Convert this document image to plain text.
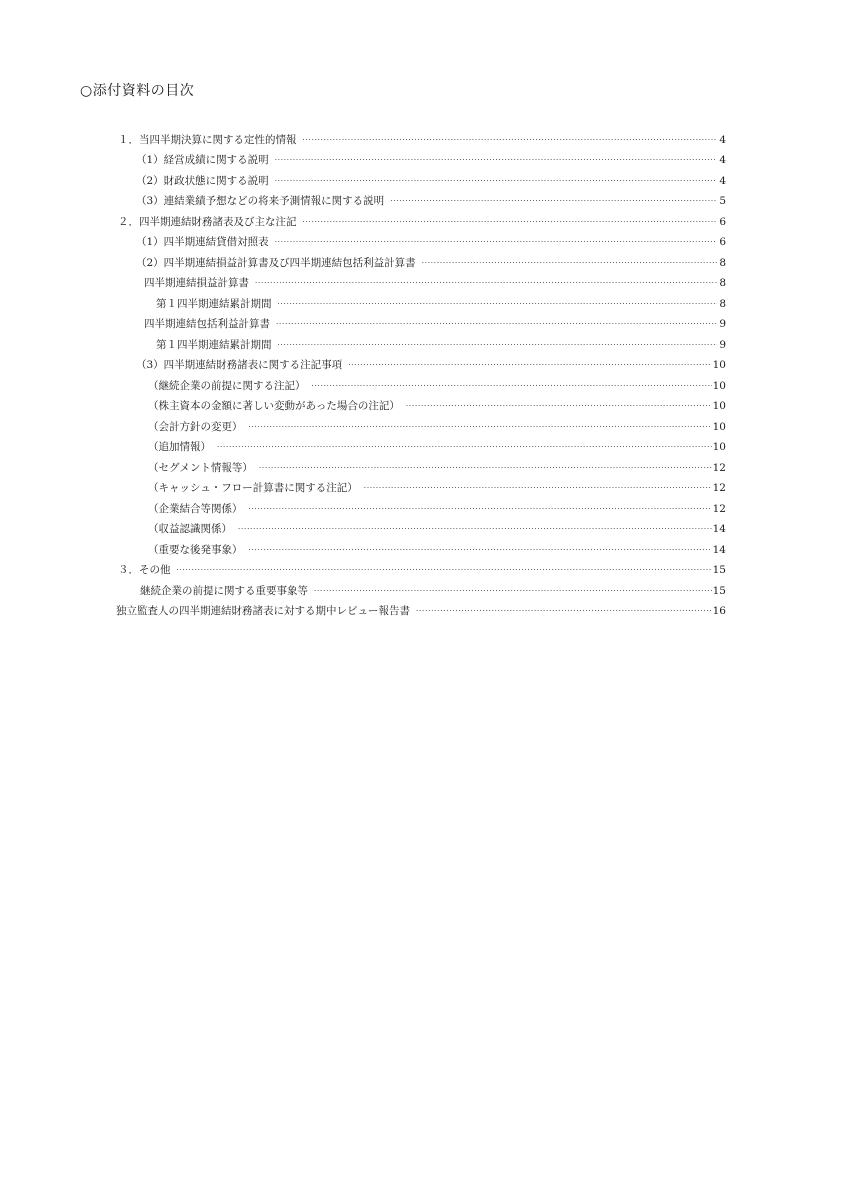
○添付資料の目次
１．当四半期決算に関する定性的情報 ·····	4
（1）経営成績に関する説明 ·····	4
（2）財政状態に関する説明 ·····	4
（3）連結業績予想などの将来予測情報に関する説明 ·····	5
２．四半期連結財務諸表及び主な注記 ·····	6
（1）四半期連結貸借対照表 ·····	6
（2）四半期連結損益計算書及び四半期連結包括利益計算書 ·····	8
四半期連結損益計算書 ·····	8
第１四半期連結累計期間 ·····	8
四半期連結包括利益計算書 ·····	9
第１四半期連結累計期間 ·····	9
（3）四半期連結財務諸表に関する注記事項 ·····	10
（継続企業の前提に関する注記） ·····	10
（株主資本の金額に著しい変動があった場合の注記） ·····	10
（会計方針の変更） ·····	10
（追加情報） ·····	10
（セグメント情報等） ·····	12
（キャッシュ・フロー計算書に関する注記） ·····	12
（企業結合等関係） ·····	12
（収益認識関係） ·····	14
（重要な後発事象） ·····	14
３．その他 ·····	15
継続企業の前提に関する重要事象等 ·····	15
独立監査人の四半期連結財務諸表に対する期中レビュー報告書 ·····	16
